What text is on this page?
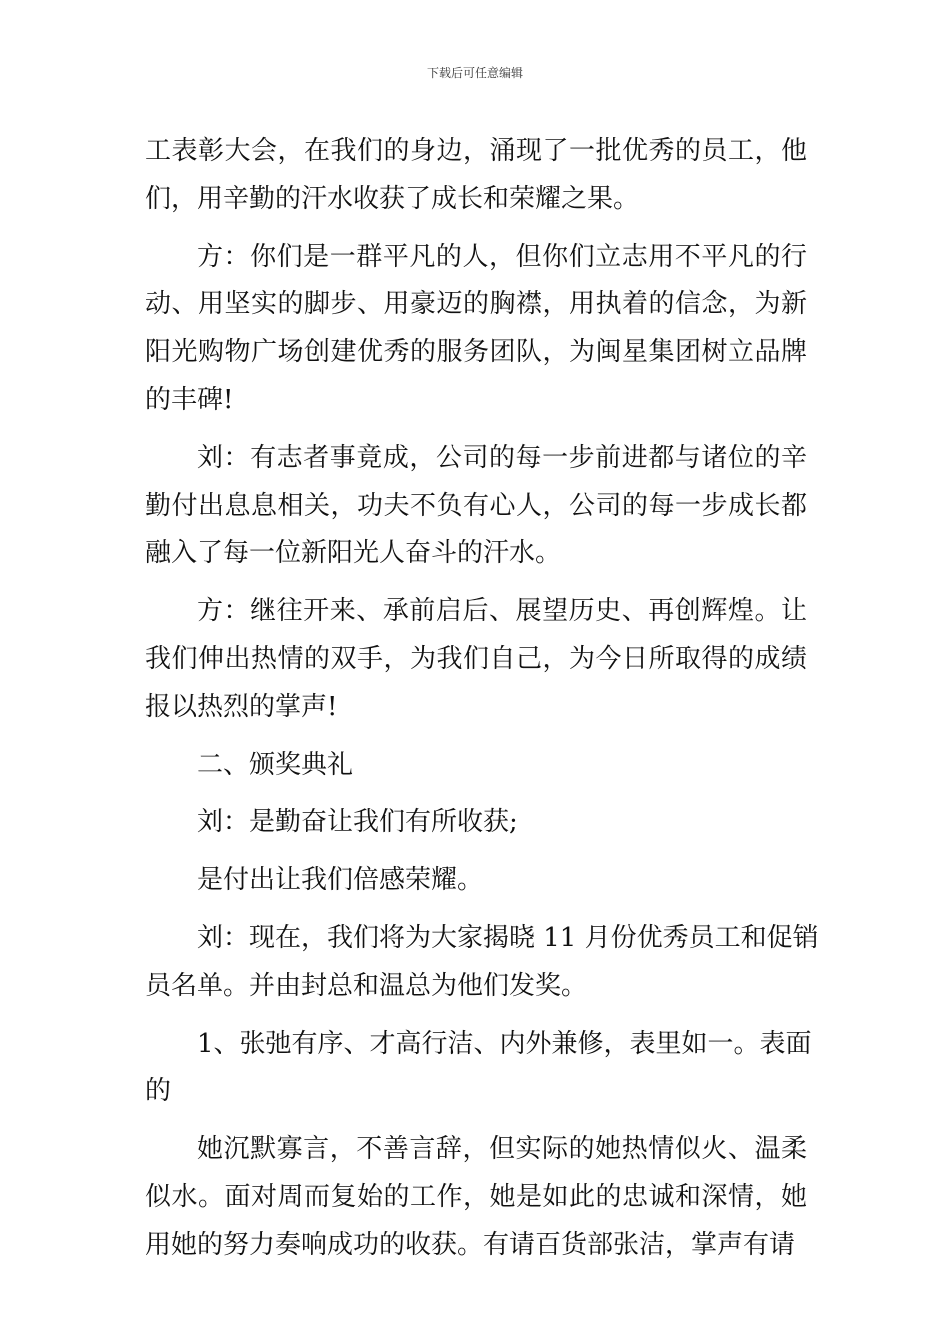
下载后可任意编辑
工表彰大会，在我们的身边，涌现了一批优秀的员工，他
们，用辛勤的汗水收获了成长和荣耀之果。
方：你们是一群平凡的人，但你们立志用不平凡的行
动、用坚实的脚步、用豪迈的胸襟，用执着的信念，为新
阳光购物广场创建优秀的服务团队，为闽星集团树立品牌
的丰碑!
刘：有志者事竟成，公司的每一步前进都与诸位的辛
勤付出息息相关，功夫不负有心人，公司的每一步成长都
融入了每一位新阳光人奋斗的汗水。
方：继往开来、承前启后、展望历史、再创辉煌。让
我们伸出热情的双手，为我们自己，为今日所取得的成绩
报以热烈的掌声!
二、颁奖典礼
刘：是勤奋让我们有所收获;
是付出让我们倍感荣耀。
刘：现在，我们将为大家揭晓 11 月份优秀员工和促销
员名单。并由封总和温总为他们发奖。
1、张弛有序、才高行洁、内外兼修，表里如一。表面
的
她沉默寡言，不善言辞，但实际的她热情似火、温柔
似水。面对周而复始的工作，她是如此的忠诚和深情，她
用她的努力奏响成功的收获。有请百货部张洁，掌声有请
